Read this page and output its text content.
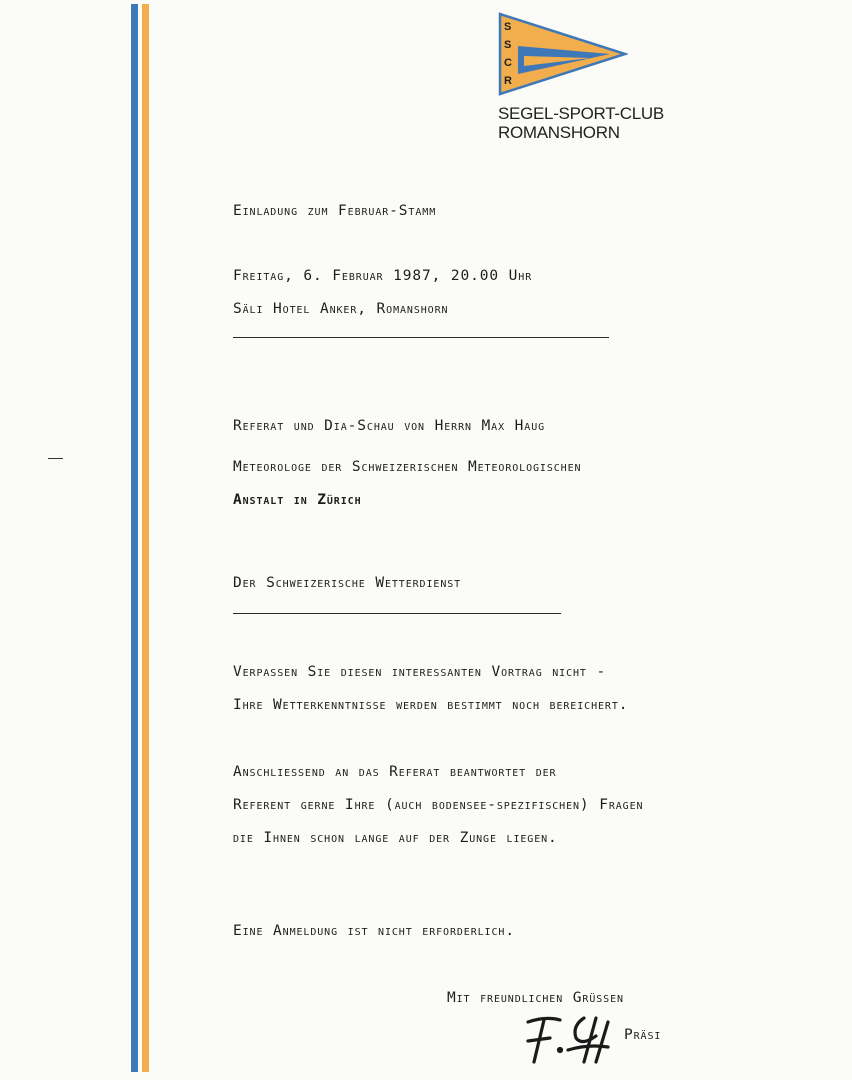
S
S
C
R
SEGEL-SPORT-CLUB
ROMANSHORN
Einladung zum Februar-Stamm
Freitag, 6. Februar 1987, 20.00 Uhr
Säli Hotel Anker, Romanshorn
Referat und Dia-Schau von Herrn Max Haug
Meteorologe der Schweizerischen Meteorologischen
Anstalt in Zürich
Der Schweizerische Wetterdienst
Verpassen Sie diesen interessanten Vortrag nicht -
Ihre Wetterkenntnisse werden bestimmt noch bereichert.
Anschliessend an das Referat beantwortet der
Referent gerne Ihre (auch bodensee-spezifischen) Fragen
die Ihnen schon lange auf der Zunge liegen.
Eine Anmeldung ist nicht erforderlich.
Mit freundlichen Grüssen
Präsi
